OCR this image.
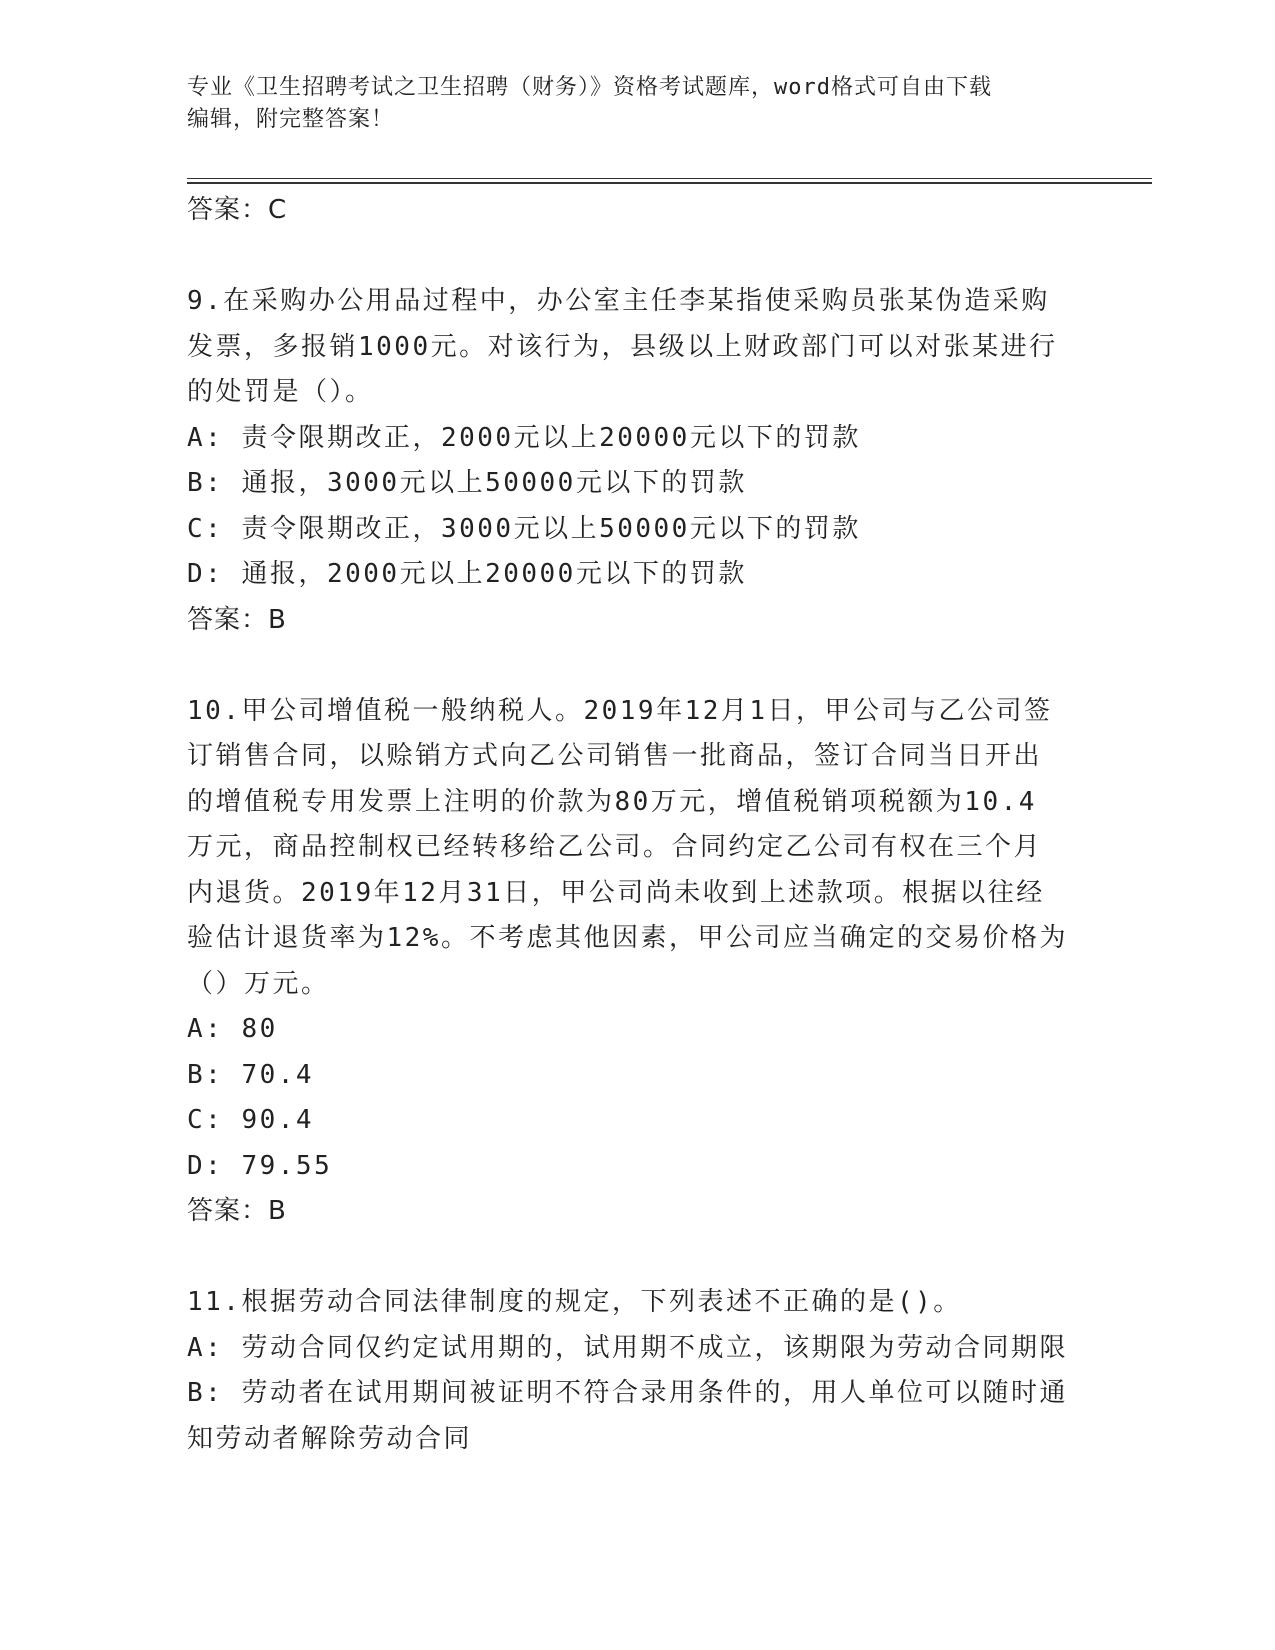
专业《卫生招聘考试之卫生招聘（财务）》资格考试题库，word格式可自由下载
编辑，附完整答案！
答案：C
9.在采购办公用品过程中，办公室主任李某指使采购员张某伪造采购
发票，多报销1000元。对该行为，县级以上财政部门可以对张某进行
的处罚是（）。
A: 责令限期改正，2000元以上20000元以下的罚款
B: 通报，3000元以上50000元以下的罚款
C: 责令限期改正，3000元以上50000元以下的罚款
D: 通报，2000元以上20000元以下的罚款
答案：B
10.甲公司增值税一般纳税人。2019年12月1日，甲公司与乙公司签
订销售合同，以赊销方式向乙公司销售一批商品，签订合同当日开出
的增值税专用发票上注明的价款为80万元，增值税销项税额为10.4
万元，商品控制权已经转移给乙公司。合同约定乙公司有权在三个月
内退货。2019年12月31日，甲公司尚未收到上述款项。根据以往经
验估计退货率为12%。不考虑其他因素，甲公司应当确定的交易价格为
（）万元。
A: 80
B: 70.4
C: 90.4
D: 79.55
答案：B
11.根据劳动合同法律制度的规定，下列表述不正确的是()。
A: 劳动合同仅约定试用期的，试用期不成立，该期限为劳动合同期限
B: 劳动者在试用期间被证明不符合录用条件的，用人单位可以随时通
知劳动者解除劳动合同
